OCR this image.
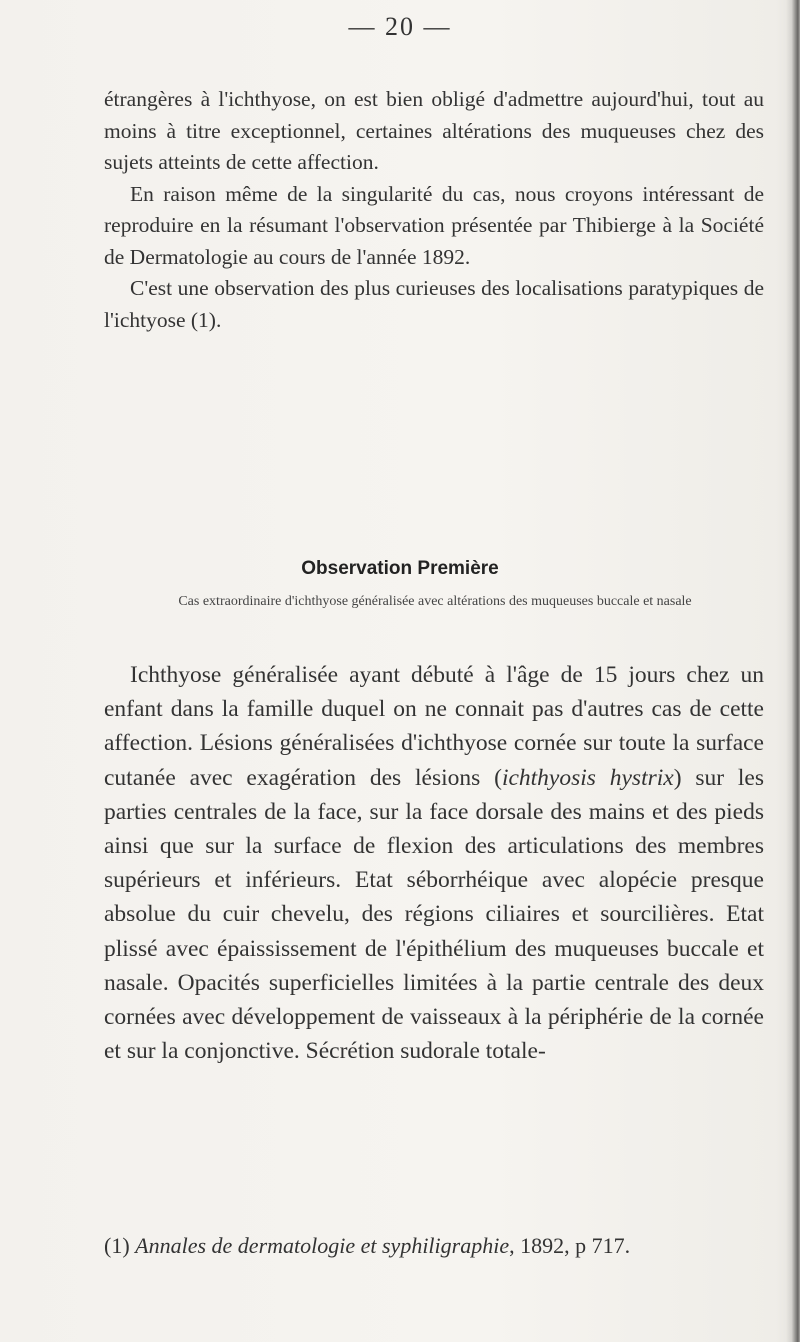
— 20 —

étrangères à l'ichthyose, on est bien obligé d'admettre aujourd'hui, tout au moins à titre exceptionnel, certaines altérations des muqueuses chez des sujets atteints de cette affection.

En raison même de la singularité du cas, nous croyons intéressant de reproduire en la résumant l'observation présentée par Thibierge à la Société de Dermatologie au cours de l'année 1892.

C'est une observation des plus curieuses des localisations paratypiques de l'ichtyose (1).

Observation Première
Cas extraordinaire d'ichthyose généralisée avec altérations des muqueuses buccale et nasale

Ichthyose généralisée ayant débuté à l'âge de 15 jours chez un enfant dans la famille duquel on ne connait pas d'autres cas de cette affection. Lésions généralisées d'ichthyose cornée sur toute la surface cutanée avec exagération des lésions (ichthyosis hystrix) sur les parties centrales de la face, sur la face dorsale des mains et des pieds ainsi que sur la surface de flexion des articulations des membres supérieurs et inférieurs. Etat séborrhéique avec alopécie presque absolue du cuir chevelu, des régions ciliaires et sourcilières. Etat plissé avec épaississement de l'épithélium des muqueuses buccale et nasale. Opacités superficielles limitées à la partie centrale des deux cornées avec développement de vaisseaux à la périphérie de la cornée et sur la conjonctive. Sécrétion sudorale totale-

(1) Annales de dermatologie et syphiligraphie, 1892, p 717.
